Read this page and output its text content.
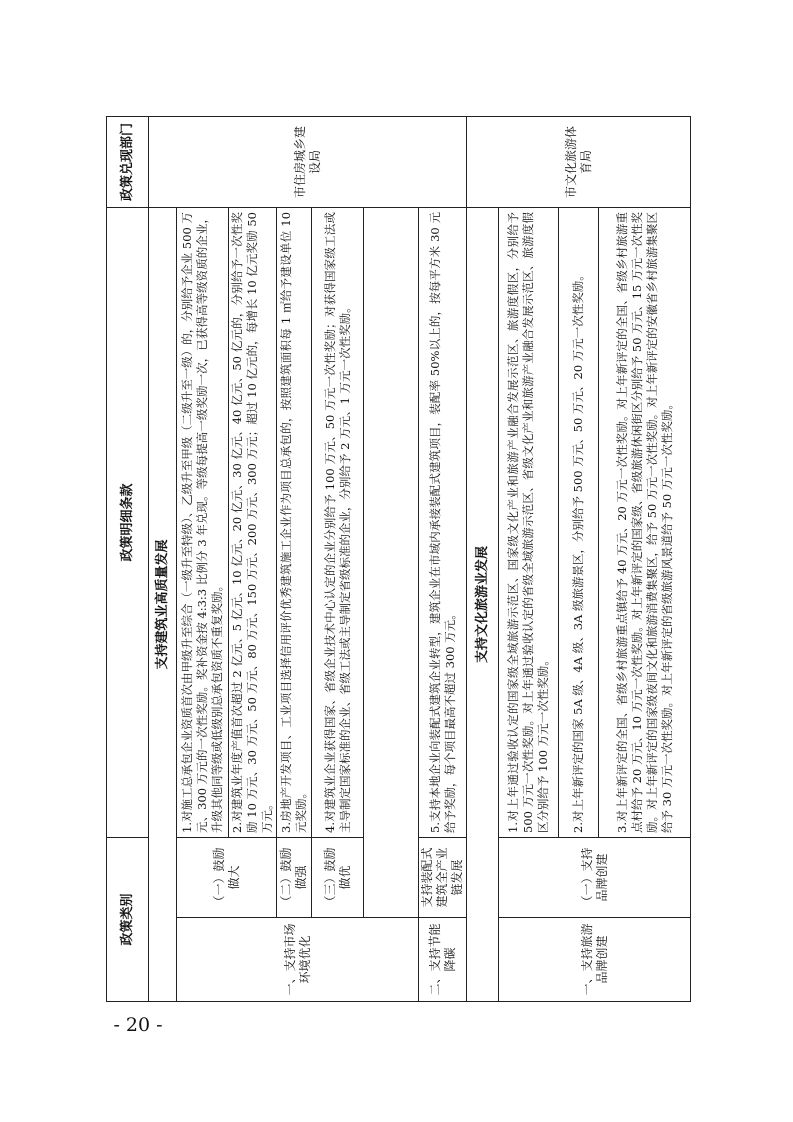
- 20 -
政策类别		政策明细条款	政策兑现部门
支持建筑业高质量发展			市住房城乡建设局
一、支持市场环境优化	（一）鼓励做大	1.对施工总承包企业资质首次由甲级升至综合（一级升至特级）、乙级升至甲级（二级升至一级）的，分别给予企业 500 万元、300 万元的一次性奖励。奖补资金按 4:3:3 比例分 3 年兑现。等级每提高一级奖励一次，已获得高等级资质的企业，升级其他同等级或低级别总承包资质不重复奖励。	
		2.对建筑业年度产值首次超过 2 亿元、5 亿元、10 亿元、20 亿元、30 亿元、40 亿元、50 亿元的，分别给予一次性奖励 10 万元、30 万元、50 万元、80 万元、150 万元、200 万元、300 万元；超过 10 亿元的，每增长 10 亿元奖励 50 万元。	
	（二）鼓励做强	3.房地产开发项目、工业项目选择信用评价优秀建筑施工企业作为项目总承包的，按照建筑面积每 1 ㎡给予建设单位 10 元奖励。	
	（三）鼓励做优	4.对建筑业企业获得国家、省级企业技术中心认定的企业分别给予 100 万元、50 万元一次性奖励；对获得国家级工法或主导制定国家标准的企业、省级工法或主导制定省级标准的企业，分别给予 2 万元、1 万元一次性奖励。	

二、支持节能降碳	支持装配式建筑全产业链发展	5.支持本地企业向装配式建筑企业转型，建筑企业在市域内承接装配式建筑项目，装配率 50%以上的，按每平方米 30 元给予奖励，每个项目最高不超过 300 万元。	
支持文化旅游业发展			市文化旅游体育局
一、支持旅游品牌创建	（一）支持品牌创建	1.对上年通过验收认定的国家级全域旅游示范区、国家级文化产业和旅游产业融合发展示范区、旅游度假区，分别给予 500 万元一次性奖励。对上年通过验收认定的省级全域旅游示范区、省级文化产业和旅游产业融合发展示范区、旅游度假区分别给予 100 万元一次性奖励。	
		2.对上年新评定的国家 5A 级、4A 级、3A 级旅游景区，分别给予 500 万元、50 万元、20 万元一次性奖励。	
		3.对上年新评定的全国、省级乡村旅游重点镇给予 40 万元、20 万元一次性奖励。对上年新评定的全国、省级乡村旅游重点村给予 20 万元、10 万元一次性奖励。对上年新评定的国家级、省级旅游休闲街区分别给予 50 万元、15 万元一次性奖励。对上年新评定的国家级夜间文化和旅游消费集聚区，给予 50 万元一次性奖励。对上年新评定的安徽省乡村旅游集聚区给予 30 万元一次性奖励。对上年新评定的省级旅游风景道给予 50 万元一次性奖励。	
